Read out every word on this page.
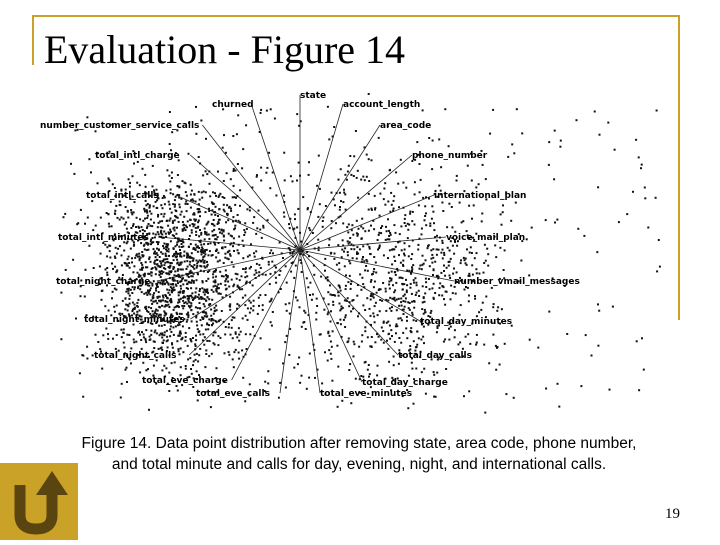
Evaluation - Figure 14
state
account_length
churned
number_customer_service_calls	area_code
total_intl_charge	phone_number
total_intl_calls	international_plan
total_intl_minutes	voice_mail_plan
total_night_charge	number_vmail_messages
total_night_minutes	total_day_minutes
total_night_calls	total_day_calls
total_eve_charge	total_day_charge
total_eve_calls	total_eve_minutes
Figure 14. Data point distribution after removing state, area code, phone number,
and total minute and calls for day, evening, night, and international calls.
19
